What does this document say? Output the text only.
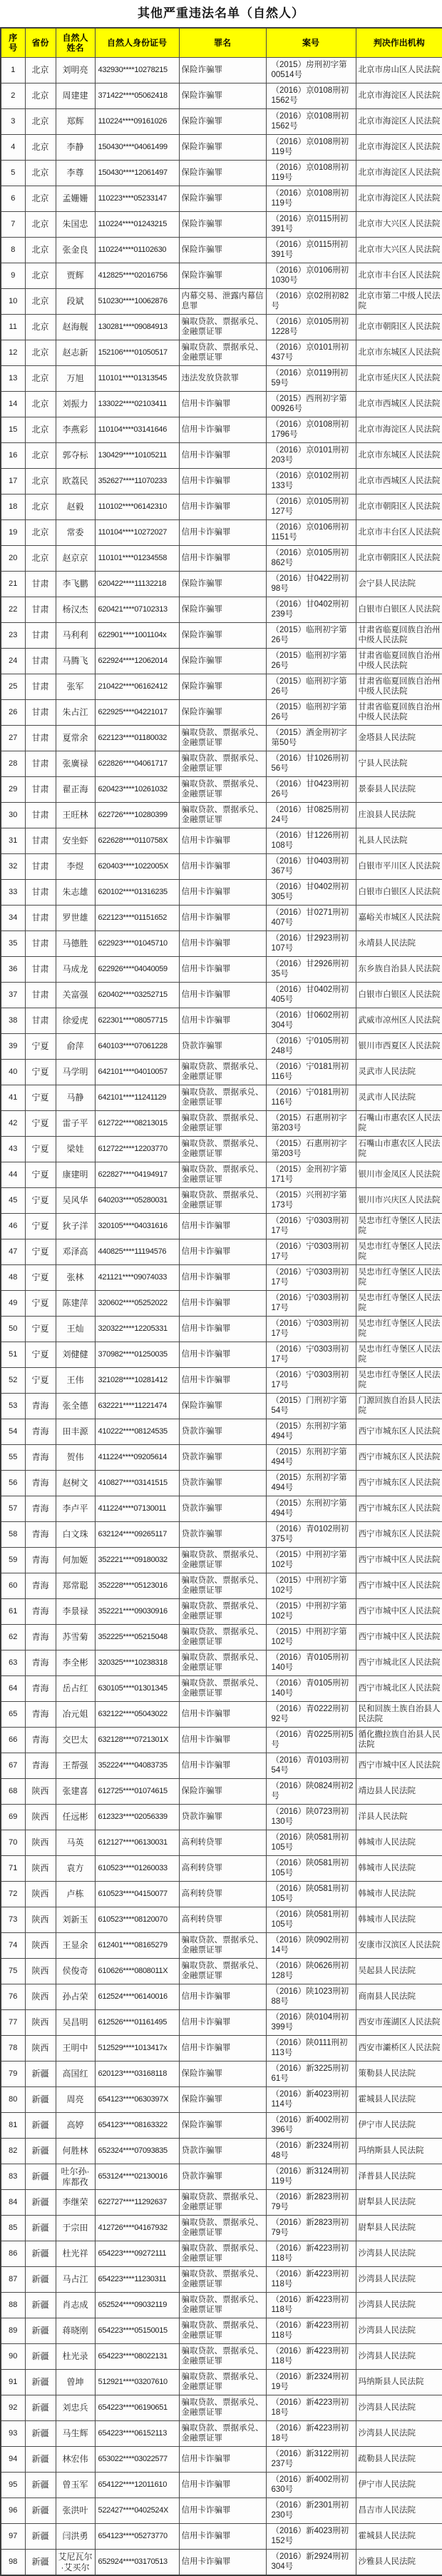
其他严重违法名单（自然人）
序号	省份	自然人姓名	自然人身份证号	罪名	案号	判决作出机构
1	北京	刘明亮	432930****10278215	保险诈骗罪	（2015）房刑初字第00514号	北京市房山区人民法院
2	北京	周建建	371422****05062418	保险诈骗罪	（2016）京0108刑初1562号	北京市海淀区人民法院
3	北京	郑辉	110224****09161026	保险诈骗罪	（2016）京0108刑初1562号	北京市海淀区人民法院
4	北京	李静	150430****04061499	保险诈骗罪	（2016）京0108刑初119号	北京市海淀区人民法院
5	北京	李尊	150430****12061497	保险诈骗罪	（2016）京0108刑初119号	北京市海淀区人民法院
6	北京	孟姗姗	110223****05233147	保险诈骗罪	（2016）京0108刑初119号	北京市海淀区人民法院
7	北京	朱国忠	110224****01243215	保险诈骗罪	（2016）京0115刑初391号	北京市大兴区人民法院
8	北京	张金良	110224****01102630	保险诈骗罪	（2016）京0115刑初391号	北京市大兴区人民法院
9	北京	贾辉	412825****02016756	保险诈骗罪	（2016）京0106刑初1030号	北京市丰台区人民法院
10	北京	段斌	510230****10062876	内幕交易、泄露内幕信息罪	（2016）京02刑初82号	北京市第二中级人民法院
11	北京	赵海舰	130281****09084913	骗取贷款、票据承兑、金融票证罪	（2016）京0105刑初1228号	北京市朝阳区人民法院
12	北京	赵志新	152106****01050517	骗取贷款、票据承兑、金融票证罪	（2016）京0101刑初437号	北京市东城区人民法院
13	北京	万旭	110101****01313545	违法发放贷款罪	（2016）京0119刑初59号	北京市延庆区人民法院
14	北京	刘振力	133022****02103411	信用卡诈骗罪	（2015）西刑初字第00926号	北京市西城区人民法院
15	北京	李燕彩	110104****03141646	信用卡诈骗罪	（2016）京0108刑初1796号	北京市海淀区人民法院
16	北京	郭夺标	130429****10105211	信用卡诈骗罪	（2016）京0101刑初203号	北京市东城区人民法院
17	北京	欧荔民	352627****11070233	信用卡诈骗罪	（2016）京0102刑初133号	北京市西城区人民法院
18	北京	赵毅	110102****06142310	信用卡诈骗罪	（2016）京0105刑初127号	北京市朝阳区人民法院
19	北京	常委	110104****10272027	信用卡诈骗罪	（2016）京0106刑初1151号	北京市丰台区人民法院
20	北京	赵京京	110101****01234558	信用卡诈骗罪	（2016）京0105刑初862号	北京市朝阳区人民法院
21	甘肃	李飞鹏	620422****11132218	保险诈骗罪	（2016）甘0422刑初98号	会宁县人民法院
22	甘肃	杨汉杰	620421****07102313	保险诈骗罪	（2016）甘0402刑初239号	白银市白银区人民法院
23	甘肃	马利利	622901****1001104x	保险诈骗罪	（2015）临刑初字第26号	甘肃省临夏回族自治州中级人民法院
24	甘肃	马腾飞	622924****12062014	保险诈骗罪	（2015）临刑初字第26号	甘肃省临夏回族自治州中级人民法院
25	甘肃	张军	210422****06162412	保险诈骗罪	（2015）临刑初字第26号	甘肃省临夏回族自治州中级人民法院
26	甘肃	朱占江	622925****04221017	保险诈骗罪	（2015）临刑初字第26号	甘肃省临夏回族自治州中级人民法院
27	甘肃	夏常余	622123****01180032	骗取贷款、票据承兑、金融票证罪	（2015）酒金刑初字第50号	金塔县人民法院
28	甘肃	张廣禄	622826****04061717	骗取贷款、票据承兑、金融票证罪	（2016）甘1026刑初56号	宁县人民法院
29	甘肃	翟正海	620423****10261032	骗取贷款、票据承兑、金融票证罪	（2016）甘0423刑初26号	景泰县人民法院
30	甘肃	王旺林	622726****10280399	骗取贷款、票据承兑、金融票证罪	（2016）甘0825刑初24号	庄浪县人民法院
31	甘肃	安坐虾	622628****0110758X	信用卡诈骗罪	（2016）甘1226刑初108号	礼县人民法院
32	甘肃	李煜	620403****1022005X	信用卡诈骗罪	（2016）甘0403刑初367号	白银市平川区人民法院
33	甘肃	朱志雄	620102****01316235	信用卡诈骗罪	（2016）甘0402刑初305号	白银市白银区人民法院
34	甘肃	罗世雄	622123****01151652	信用卡诈骗罪	（2016）甘0271刑初407号	嘉峪关市城区人民法院
35	甘肃	马德胜	622923****01045710	信用卡诈骗罪	（2016）甘2923刑初107号	永靖县人民法院
36	甘肃	马成龙	622926****04040059	信用卡诈骗罪	（2016）甘2926刑初35号	东乡族自治县人民法院
37	甘肃	关富强	620402****03252715	信用卡诈骗罪	（2016）甘0402刑初405号	白银市白银区人民法院
38	甘肃	徐爱虎	622301****08057715	信用卡诈骗罪	（2016）甘0602刑初304号	武威市凉州区人民法院
39	宁夏	俞萍	640103****07061228	贷款诈骗罪	（2016）宁0105刑初248号	银川市西夏区人民法院
40	宁夏	马学明	642101****04010057	骗取贷款、票据承兑、金融票证罪	（2016）宁0181刑初116号	灵武市人民法院
41	宁夏	马静	642101****11241129	骗取贷款、票据承兑、金融票证罪	（2016）宁0181刑初116号	灵武市人民法院
42	宁夏	雷子平	612722****08213015	骗取贷款、票据承兑、金融票证罪	（2015）石惠刑初字第203号	石嘴山市惠农区人民法院
43	宁夏	梁娃	612722****12203770	骗取贷款、票据承兑、金融票证罪	（2015）石惠刑初字第203号	石嘴山市惠农区人民法院
44	宁夏	康建明	622827****04194917	骗取贷款、票据承兑、金融票证罪	（2015）金刑初字第171号	银川市金凤区人民法院
45	宁夏	吴风华	640203****05280031	骗取贷款、票据承兑、金融票证罪	（2015）兴刑初字第173号	银川市兴庆区人民法院
46	宁夏	狄子洋	320105****04031616	信用卡诈骗罪	（2016）宁0303刑初17号	吴忠市红寺堡区人民法院
47	宁夏	邓泽高	440825****11194576	信用卡诈骗罪	（2016）宁0303刑初17号	吴忠市红寺堡区人民法院
48	宁夏	张林	421121****09074033	信用卡诈骗罪	（2016）宁0303刑初17号	吴忠市红寺堡区人民法院
49	宁夏	陈建萍	320602****05252022	信用卡诈骗罪	（2016）宁0303刑初17号	吴忠市红寺堡区人民法院
50	宁夏	王灿	320322****12205331	信用卡诈骗罪	（2016）宁0303刑初17号	吴忠市红寺堡区人民法院
51	宁夏	刘健健	370982****01250035	信用卡诈骗罪	（2016）宁0303刑初17号	吴忠市红寺堡区人民法院
52	宁夏	王伟	321028****10281412	信用卡诈骗罪	（2016）宁0303刑初17号	吴忠市红寺堡区人民法院
53	青海	张全德	632221****11221474	保险诈骗罪	（2015）门刑初字第54号	门源回族自治县人民法院
54	青海	田丰源	410222****08124535	贷款诈骗罪	（2015）东刑初字第494号	西宁市城东区人民法院
55	青海	贺伟	411224****09205614	贷款诈骗罪	（2015）东刑初字第494号	西宁市城东区人民法院
56	青海	赵树文	410827****03141515	贷款诈骗罪	（2015）东刑初字第494号	西宁市城东区人民法院
57	青海	李卢平	411224****07130011	贷款诈骗罪	（2015）东刑初字第494号	西宁市城东区人民法院
58	青海	白文珠	632124****09265117	贷款诈骗罪	（2016）青0102刑初375号	西宁市城东区人民法院
59	青海	何加姬	352221****09180032	骗取贷款、票据承兑、金融票证罪	（2015）中刑初字第102号	西宁市城中区人民法院
60	青海	郑常聪	352228****05123016	骗取贷款、票据承兑、金融票证罪	（2015）中刑初字第102号	西宁市城中区人民法院
61	青海	李景禄	352221****09030916	骗取贷款、票据承兑、金融票证罪	（2015）中刑初字第102号	西宁市城中区人民法院
62	青海	苏雪菊	352225****05215048	骗取贷款、票据承兑、金融票证罪	（2015）中刑初字第102号	西宁市城中区人民法院
63	青海	李全彬	320325****10238318	骗取贷款、票据承兑、金融票证罪	（2016）青0105刑初140号	西宁市城北区人民法院
64	青海	岳占红	630105****01301345	骗取贷款、票据承兑、金融票证罪	（2016）青0105刑初140号	西宁市城北区人民法院
65	青海	冶元姐	632122****05043022	信用卡诈骗罪	（2016）青0222刑初92号	民和回族土族自治县人民法院
66	青海	交巴太	632128****0721301X	信用卡诈骗罪	（2016）青0225刑初5号	循化撒拉族自治县人民法院
67	青海	王帮强	352224****04083735	信用卡诈骗罪	（2016）青0103刑初54号	西宁市城中区人民法院
68	陕西	张建喜	612725****01074615	保险诈骗罪	（2016）陕0824刑初2号	靖边县人民法院
69	陕西	任远彬	612323****02056339	贷款诈骗罪	（2016）陕0723刑初130号	洋县人民法院
70	陕西	马英	612127****06130031	高利转贷罪	（2016）陕0581刑初105号	韩城市人民法院
71	陕西	袁方	610523****01260033	高利转贷罪	（2016）陕0581刑初105号	韩城市人民法院
72	陕西	卢栋	610523****04150077	高利转贷罪	（2016）陕0581刑初105号	韩城市人民法院
73	陕西	刘新玉	610523****08120070	高利转贷罪	（2016）陕0581刑初105号	韩城市人民法院
74	陕西	王显余	612401****08165279	骗取贷款、票据承兑、金融票证罪	（2016）陕0902刑初14号	安康市汉滨区人民法院
75	陕西	侯俊奇	610626****0808011X	骗取贷款、票据承兑、金融票证罪	（2016）陕0626刑初128号	吴起县人民法院
76	陕西	孙占荣	612524****06140016	信用卡诈骗罪	（2016）陕1023刑初88号	商南县人民法院
77	陕西	吴昌明	612526****01161495	信用卡诈骗罪	（2016）陕0104刑初399号	西安市莲湖区人民法院
78	陕西	王明中	512529****1013417x	信用卡诈骗罪	（2016）陕0111刑初113号	西安市灞桥区人民法院
79	新疆	高国红	620123****03168118	保险诈骗罪	（2016）新3225刑初61号	策勒县人民法院
80	新疆	周亮	654123****0630397X	保险诈骗罪	（2016）新4023刑初114号	霍城县人民法院
81	新疆	高婷	654123****08163322	保险诈骗罪	（2016）新4002刑初396号	伊宁市人民法院
82	新疆	何胜林	652324****07093835	贷款诈骗罪	（2016）新2324刑初48号	玛纳斯县人民法院
83	新疆	吐尔孙·库都孜	653124****02130016	贷款诈骗罪	（2016）新3124刑初119号	泽普县人民法院
84	新疆	李继荣	622727****11292637	骗取贷款、票据承兑、金融票证罪	（2016）新2823刑初79号	尉犁县人民法院
85	新疆	于宗田	412726****04167932	骗取贷款、票据承兑、金融票证罪	（2016）新2823刑初79号	尉犁县人民法院
86	新疆	杜光祥	654223****09272111	骗取贷款、票据承兑、金融票证罪	（2016）新4223刑初118号	沙湾县人民法院
87	新疆	马占江	654223****11230311	骗取贷款、票据承兑、金融票证罪	（2016）新4223刑初118号	沙湾县人民法院
88	新疆	肖志成	652524****09032119	骗取贷款、票据承兑、金融票证罪	（2016）新4223刑初118号	沙湾县人民法院
89	新疆	蒋晓刚	654223****05150015	骗取贷款、票据承兑、金融票证罪	（2016）新4223刑初118号	沙湾县人民法院
90	新疆	杜光录	654223****08022131	骗取贷款、票据承兑、金融票证罪	（2016）新4223刑初118号	沙湾县人民法院
91	新疆	曾坤	512921****03207610	骗取贷款、票据承兑、金融票证罪	（2016）新2324刑初19号	玛纳斯县人民法院
92	新疆	刘忠兵	654223****06190651	骗取贷款、票据承兑、金融票证罪	（2016）新4223刑初18号	沙湾县人民法院
93	新疆	马生辉	654223****06152113	骗取贷款、票据承兑、金融票证罪	（2016）新4223刑初18号	沙湾县人民法院
94	新疆	林宏伟	653022****03022577	信用卡诈骗罪	（2016）新3122刑初237号	疏勒县人民法院
95	新疆	曾玉军	654122****12011610	信用卡诈骗罪	（2016）新4002刑初630号	伊宁市人民法院
96	新疆	张洪叶	522427****0402524X	信用卡诈骗罪	（2016）新2301刑初230号	昌吉市人民法院
97	新疆	闫洪勇	654123****05273770	信用卡诈骗罪	（2016）新4023刑初152号	霍城县人民法院
98	新疆	艾尼瓦尔·艾买尔	652924****03170513	信用卡诈骗罪	（2016）新2924刑初304号	沙雅县人民法院
